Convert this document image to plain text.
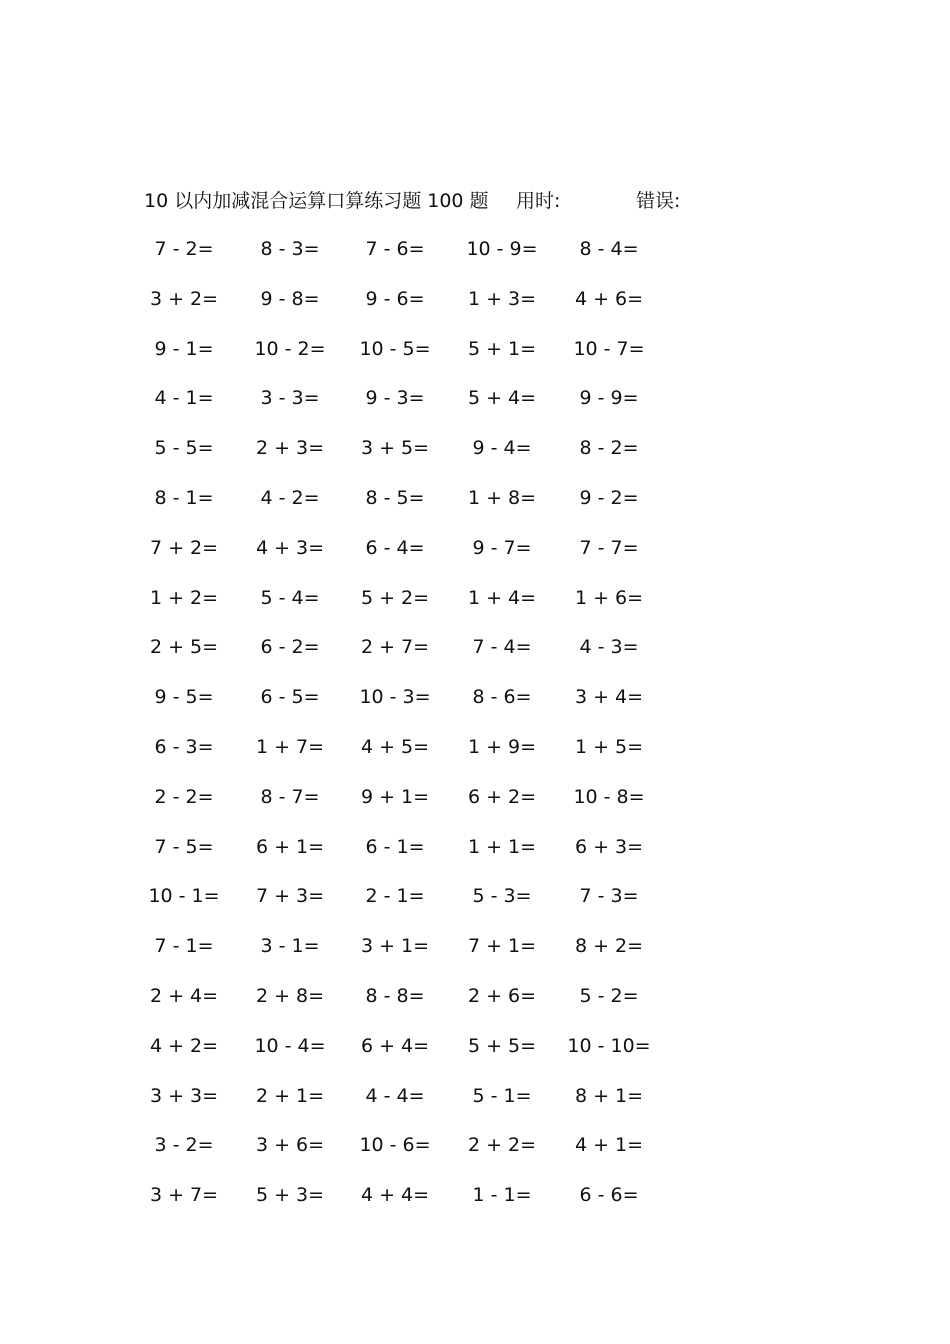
10 以内加减混合运算口算练习题 100 题 用时:	错误:
7 - 2=	8 - 3=	7 - 6=	10 - 9=	8 - 4=
3 + 2=	9 - 8=	9 - 6=	1 + 3=	4 + 6=
9 - 1=	10 - 2=	10 - 5=	5 + 1=	10 - 7=
4 - 1=	3 - 3=	9 - 3=	5 + 4=	9 - 9=
5 - 5=	2 + 3=	3 + 5=	9 - 4=	8 - 2=
8 - 1=	4 - 2=	8 - 5=	1 + 8=	9 - 2=
7 + 2=	4 + 3=	6 - 4=	9 - 7=	7 - 7=
1 + 2=	5 - 4=	5 + 2=	1 + 4=	1 + 6=
2 + 5=	6 - 2=	2 + 7=	7 - 4=	4 - 3=
9 - 5=	6 - 5=	10 - 3=	8 - 6=	3 + 4=
6 - 3=	1 + 7=	4 + 5=	1 + 9=	1 + 5=
2 - 2=	8 - 7=	9 + 1=	6 + 2=	10 - 8=
7 - 5=	6 + 1=	6 - 1=	1 + 1=	6 + 3=
10 - 1=	7 + 3=	2 - 1=	5 - 3=	7 - 3=
7 - 1=	3 - 1=	3 + 1=	7 + 1=	8 + 2=
2 + 4=	2 + 8=	8 - 8=	2 + 6=	5 - 2=
4 + 2=	10 - 4=	6 + 4=	5 + 5=	10 - 10=
3 + 3=	2 + 1=	4 - 4=	5 - 1=	8 + 1=
3 - 2=	3 + 6=	10 - 6=	2 + 2=	4 + 1=
3 + 7=	5 + 3=	4 + 4=	1 - 1=	6 - 6=
